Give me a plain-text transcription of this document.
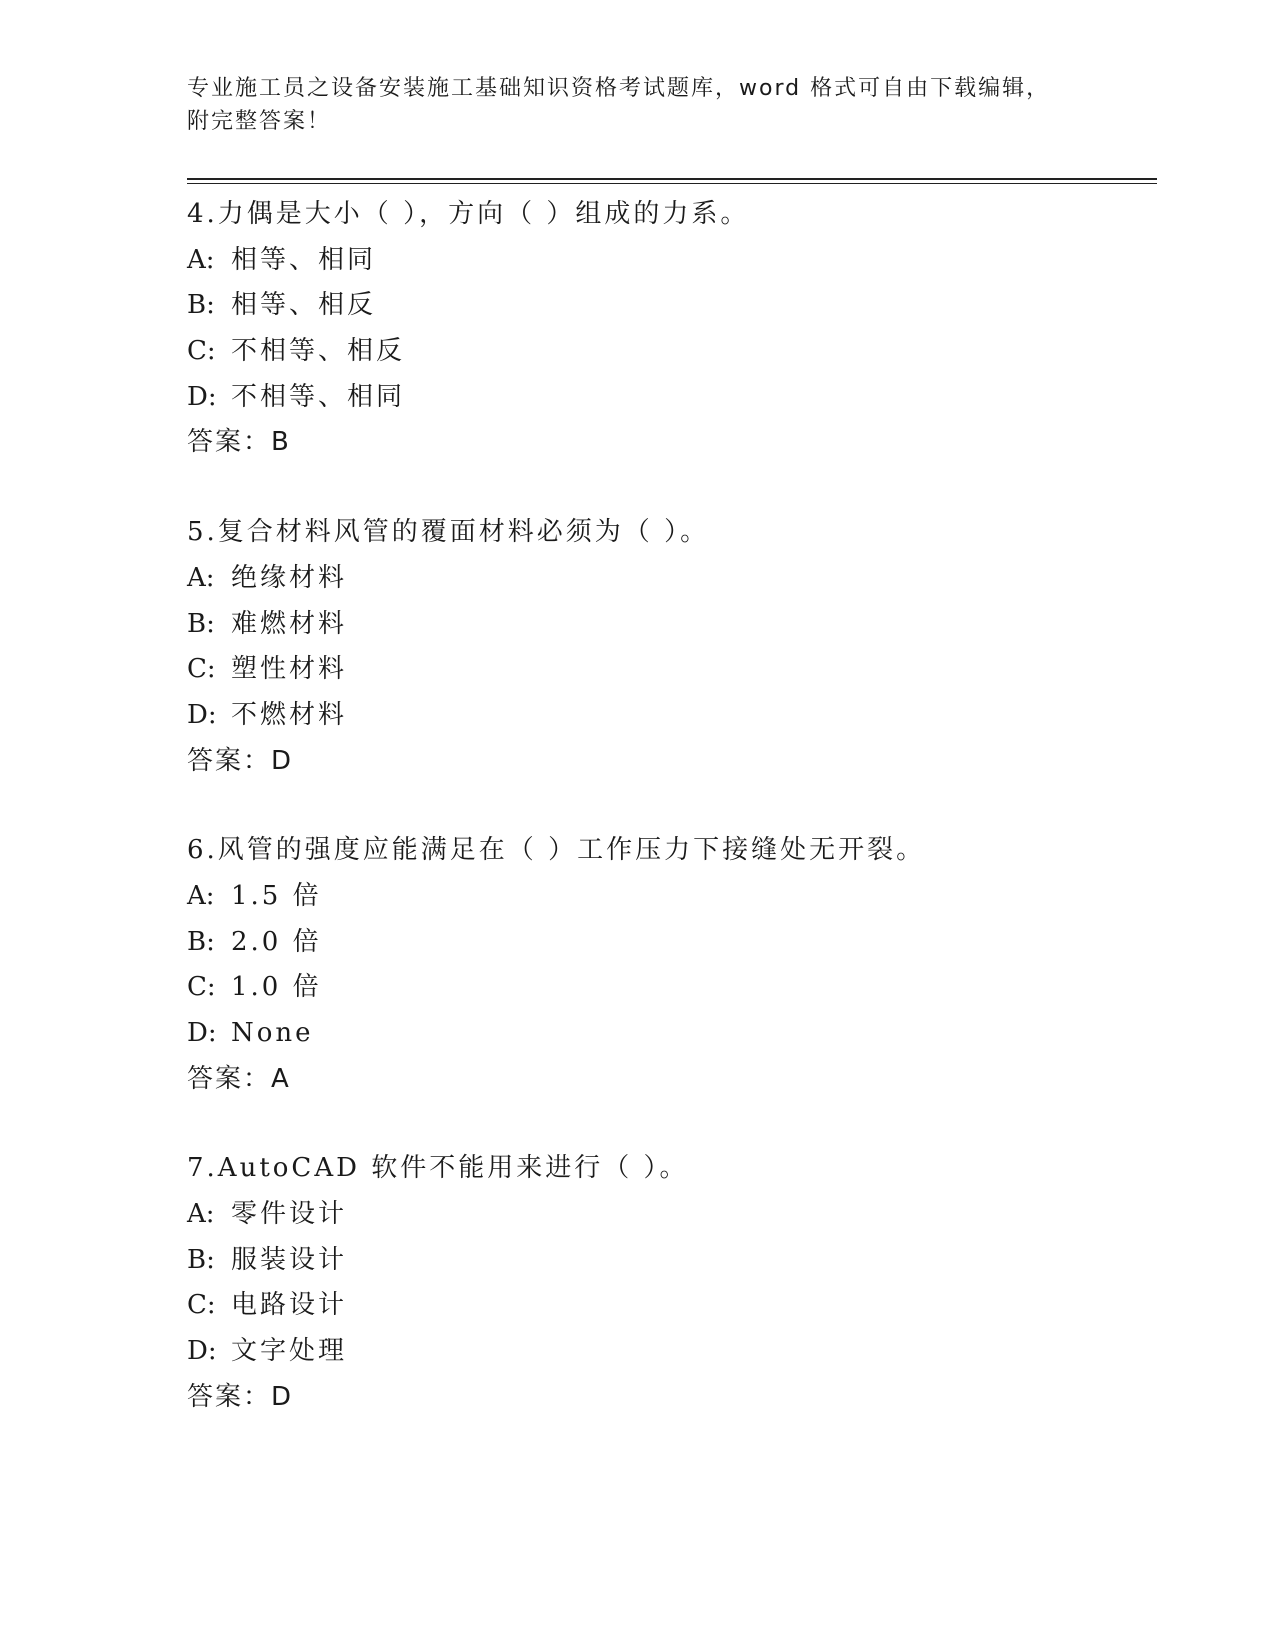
专业施工员之设备安装施工基础知识资格考试题库，word 格式可自由下载编辑，
附完整答案！
4.力偶是大小（ ），方向（ ）组成的力系。
A: 相等、相同
B: 相等、相反
C: 不相等、相反
D: 不相等、相同
答案：B
5.复合材料风管的覆面材料必须为（ ）。
A: 绝缘材料
B: 难燃材料
C: 塑性材料
D: 不燃材料
答案：D
6.风管的强度应能满足在（ ）工作压力下接缝处无开裂。
A: 1.5 倍
B: 2.0 倍
C: 1.0 倍
D: None
答案：A
7.AutoCAD 软件不能用来进行（ ）。
A: 零件设计
B: 服装设计
C: 电路设计
D: 文字处理
答案：D
